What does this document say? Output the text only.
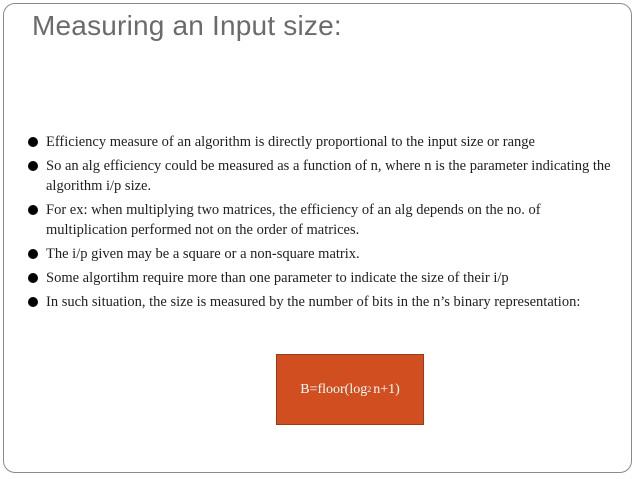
Measuring an Input size:
Efficiency measure of an algorithm is directly proportional to the input size or range
So an alg efficiency could be measured as a function of n, where n is the parameter indicating the algorithm i/p size.
For ex: when multiplying two matrices, the efficiency of an alg depends on the no. of multiplication performed not on the order of matrices.
The i/p given may be a square or a non-square matrix.
Some algortihm require more than one parameter to indicate the size of their i/p
In such situation, the size is measured by the number of bits in the n’s binary representation:
B=floor(log 2 n+1)
